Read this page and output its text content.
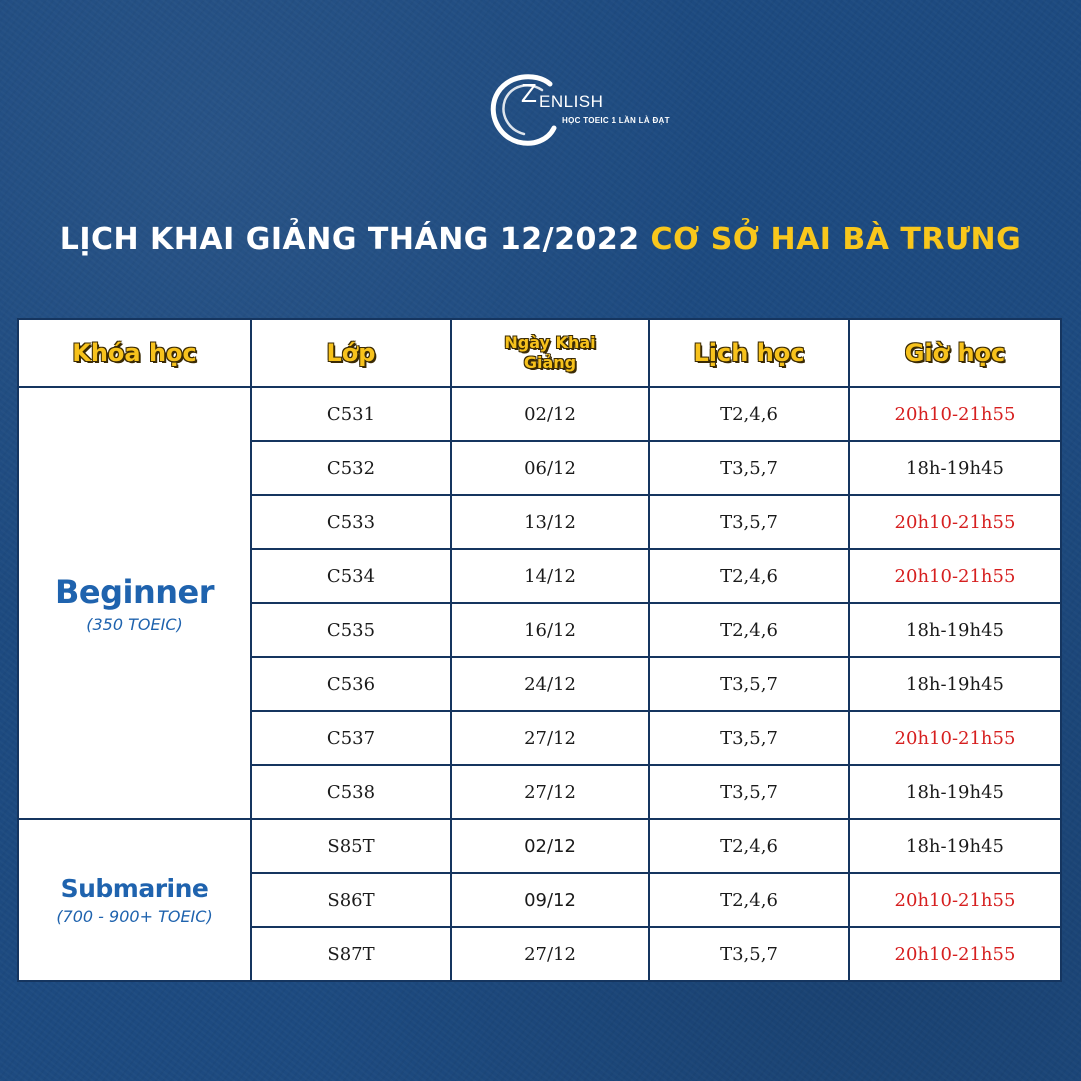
Z ENLISH
HỌC TOEIC 1 LẦN LÀ ĐẠT
LỊCH KHAI GIẢNG THÁNG 12/2022 CƠ SỞ HAI BÀ TRƯNG
Khóa học	Lớp	Ngày Khai Giảng	Lịch học	Giờ học

Beginner
(350 TOEIC)	C531	02/12	T2,4,6	20h10-21h55
	C532	06/12	T3,5,7	18h-19h45
	C533	13/12	T3,5,7	20h10-21h55
	C534	14/12	T2,4,6	20h10-21h55
	C535	16/12	T2,4,6	18h-19h45
	C536	24/12	T3,5,7	18h-19h45
	C537	27/12	T3,5,7	20h10-21h55
	C538	27/12	T3,5,7	18h-19h45

Submarine
(700 - 900+ TOEIC)	S85T	02/12	T2,4,6	18h-19h45
	S86T	09/12	T2,4,6	20h10-21h55
	S87T	27/12	T3,5,7	20h10-21h55
